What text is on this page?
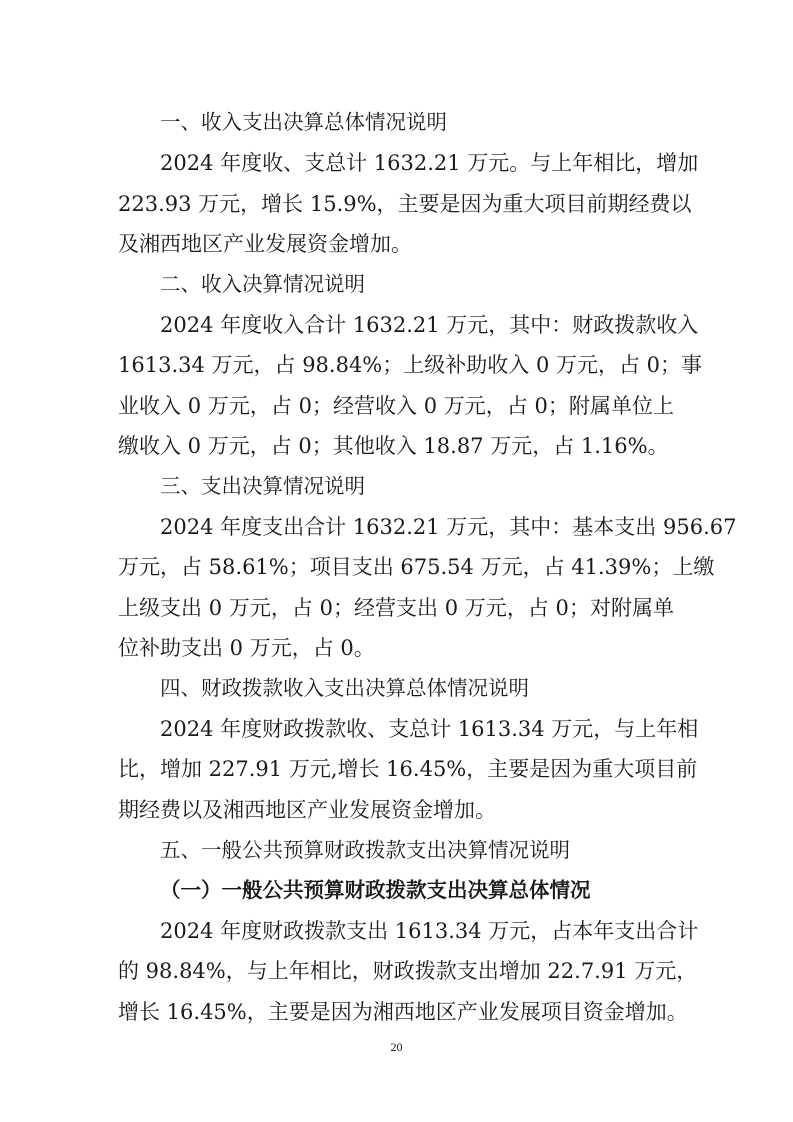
一、收入支出决算总体情况说明
2024 年度收、支总计 1632.21 万元。与上年相比，增加
223.93 万元，增长 15.9%，主要是因为重大项目前期经费以
及湘西地区产业发展资金增加。
二、收入决算情况说明
2024 年度收入合计 1632.21 万元，其中：财政拨款收入
1613.34 万元，占 98.84%；上级补助收入 0 万元，占 0；事
业收入 0 万元，占 0；经营收入 0 万元，占 0；附属单位上
缴收入 0 万元，占 0；其他收入 18.87 万元，占 1.16%。
三、支出决算情况说明
2024 年度支出合计 1632.21 万元，其中：基本支出 956.67
万元，占 58.61%；项目支出 675.54 万元，占 41.39%；上缴
上级支出 0 万元，占 0；经营支出 0 万元，占 0；对附属单
位补助支出 0 万元，占 0。
四、财政拨款收入支出决算总体情况说明
2024 年度财政拨款收、支总计 1613.34 万元，与上年相
比，增加 227.91 万元,增长 16.45%，主要是因为重大项目前
期经费以及湘西地区产业发展资金增加。
五、一般公共预算财政拨款支出决算情况说明
（一）一般公共预算财政拨款支出决算总体情况
2024 年度财政拨款支出 1613.34 万元，占本年支出合计
的 98.84%，与上年相比，财政拨款支出增加 22.7.91 万元，
增长 16.45%，主要是因为湘西地区产业发展项目资金增加。
20
